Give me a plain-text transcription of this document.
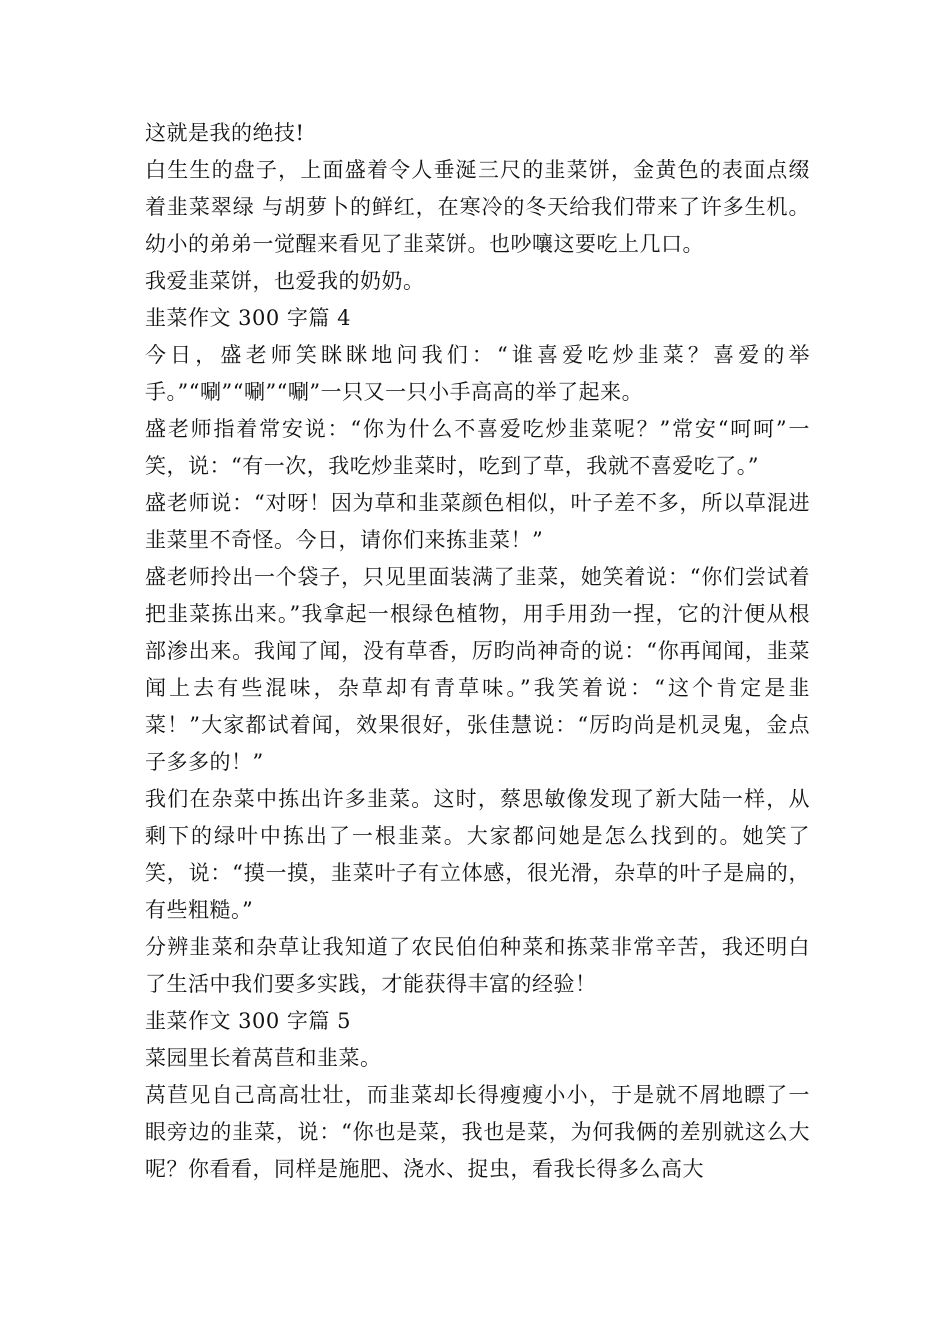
这就是我的绝技!

白生生的盘子，上面盛着令人垂涎三尺的韭菜饼，金黄色的表面点缀着韭菜翠绿 与胡萝卜的鲜红，在寒冷的冬天给我们带来了许多生机。幼小的弟弟一觉醒来看见了韭菜饼。也吵嚷这要吃上几口。

我爱韭菜饼，也爱我的奶奶。

韭菜作文 300 字篇 4

今日，盛老师笑眯眯地问我们：“谁喜爱吃炒韭菜？喜爱的举手。”“唰”“唰”“唰”一只又一只小手高高的举了起来。

盛老师指着常安说：“你为什么不喜爱吃炒韭菜呢？”常安“呵呵”一笑，说：“有一次，我吃炒韭菜时，吃到了草，我就不喜爱吃了。”

盛老师说：“对呀！因为草和韭菜颜色相似，叶子差不多，所以草混进韭菜里不奇怪。今日，请你们来拣韭菜！”

盛老师拎出一个袋子，只见里面装满了韭菜，她笑着说：“你们尝试着把韭菜拣出来。”我拿起一根绿色植物，用手用劲一捏，它的汁便从根部渗出来。我闻了闻，没有草香，厉昀尚神奇的说：“你再闻闻，韭菜闻上去有些混味，杂草却有青草味。”我笑着说：“这个肯定是韭菜！”大家都试着闻，效果很好，张佳慧说：“厉昀尚是机灵鬼，金点子多多的！”

我们在杂菜中拣出许多韭菜。这时，蔡思敏像发现了新大陆一样，从剩下的绿叶中拣出了一根韭菜。大家都问她是怎么找到的。她笑了笑，说：“摸一摸，韭菜叶子有立体感，很光滑，杂草的叶子是扁的，有些粗糙。”

分辨韭菜和杂草让我知道了农民伯伯种菜和拣菜非常辛苦，我还明白了生活中我们要多实践，才能获得丰富的经验！

韭菜作文 300 字篇 5

菜园里长着莴苣和韭菜。

莴苣见自己高高壮壮，而韭菜却长得瘦瘦小小，于是就不屑地瞟了一眼旁边的韭菜，说：“你也是菜，我也是菜，为何我俩的差别就这么大呢？你看看，同样是施肥、浇水、捉虫，看我长得多么高大
